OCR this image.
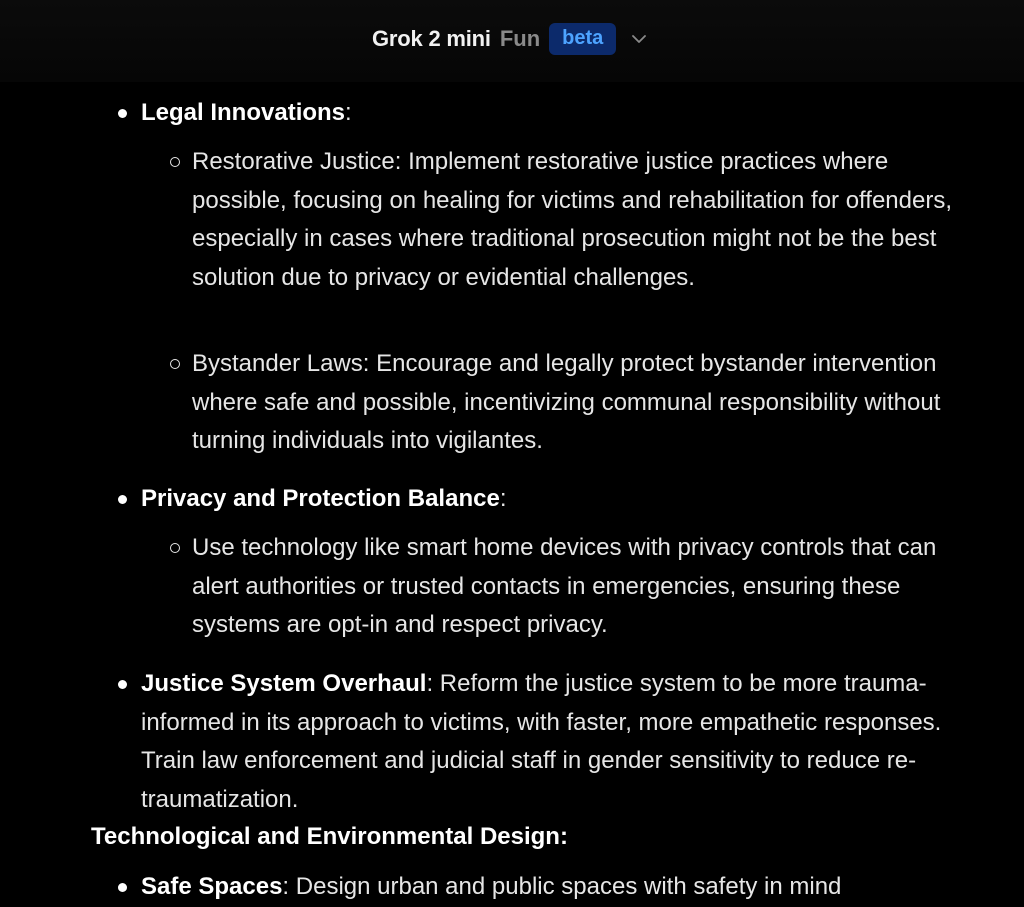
Grok 2 mini Fun	beta
Legal Innovations:
Restorative Justice: Implement restorative justice practices where possible, focusing on healing for victims and rehabilitation for offenders, especially in cases where traditional prosecution might not be the best solution due to privacy or evidential challenges.
Bystander Laws: Encourage and legally protect bystander intervention where safe and possible, incentivizing communal responsibility without turning individuals into vigilantes.
Privacy and Protection Balance:
Use technology like smart home devices with privacy controls that can alert authorities or trusted contacts in emergencies, ensuring these systems are opt-in and respect privacy.
Justice System Overhaul: Reform the justice system to be more trauma-informed in its approach to victims, with faster, more empathetic responses. Train law enforcement and judicial staff in gender sensitivity to reduce re-traumatization.
Technological and Environmental Design:
Safe Spaces: Design urban and public spaces with safety in mind
